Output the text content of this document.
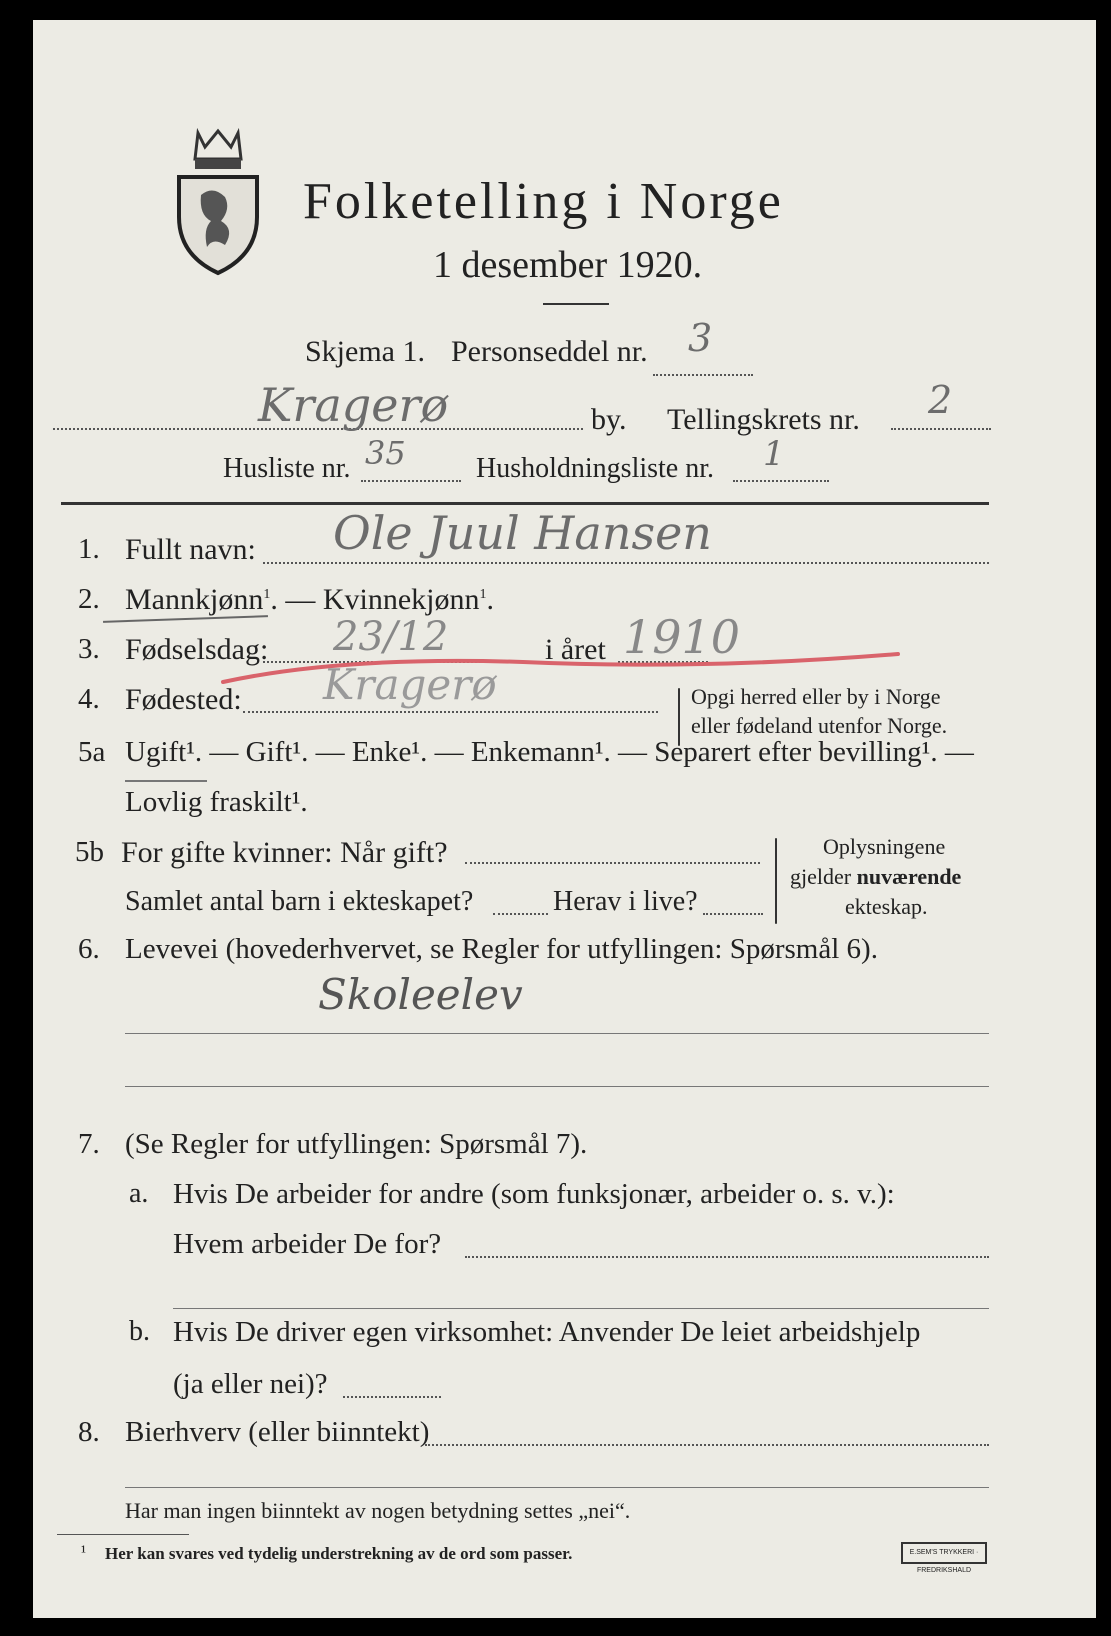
Folketelling i Norge
1 desember 1920.
Skjema 1. Personseddel nr. 3
Kragerø	by. Tellingskrets nr. 2
Husliste nr. 35	Husholdningsliste nr. 1
1. Fullt navn: Ole Juul Hansen
2. Mannkjønn$^1$. — Kvinnekjønn$^1$.
3. Fødselsdag: 23/12	i året 1910
4. Fødested: Kragerø	Opgi herred eller by i Norge
eller fødeland utenfor Norge.
5a Ugift¹. — Gift¹. — Enke¹. — Enkemann¹. — Separert efter bevilling¹. —
Lovlig fraskilt¹.
5b For gifte kvinner: Når gift?
Samlet antal barn i ekteskapet?	Herav i live?
Oplysningene
gjelder nuværende
ekteskap.
6. Levevei (hovederhvervet, se Regler for utfyllingen: Spørsmål 6).
Skoleelev
7. (Se Regler for utfyllingen: Spørsmål 7).
a. Hvis De arbeider for andre (som funksjonær, arbeider o. s. v.):
Hvem arbeider De for?
b. Hvis De driver egen virksomhet: Anvender De leiet arbeidshjelp
(ja eller nei)?
8. Bierhverv (eller biinntekt)
Har man ingen biinntekt av nogen betydning settes „nei“.
¹ Her kan svares ved tydelig understrekning av de ord som passer.	E.SEM'S TRYKKERI · FREDRIKSHALD
